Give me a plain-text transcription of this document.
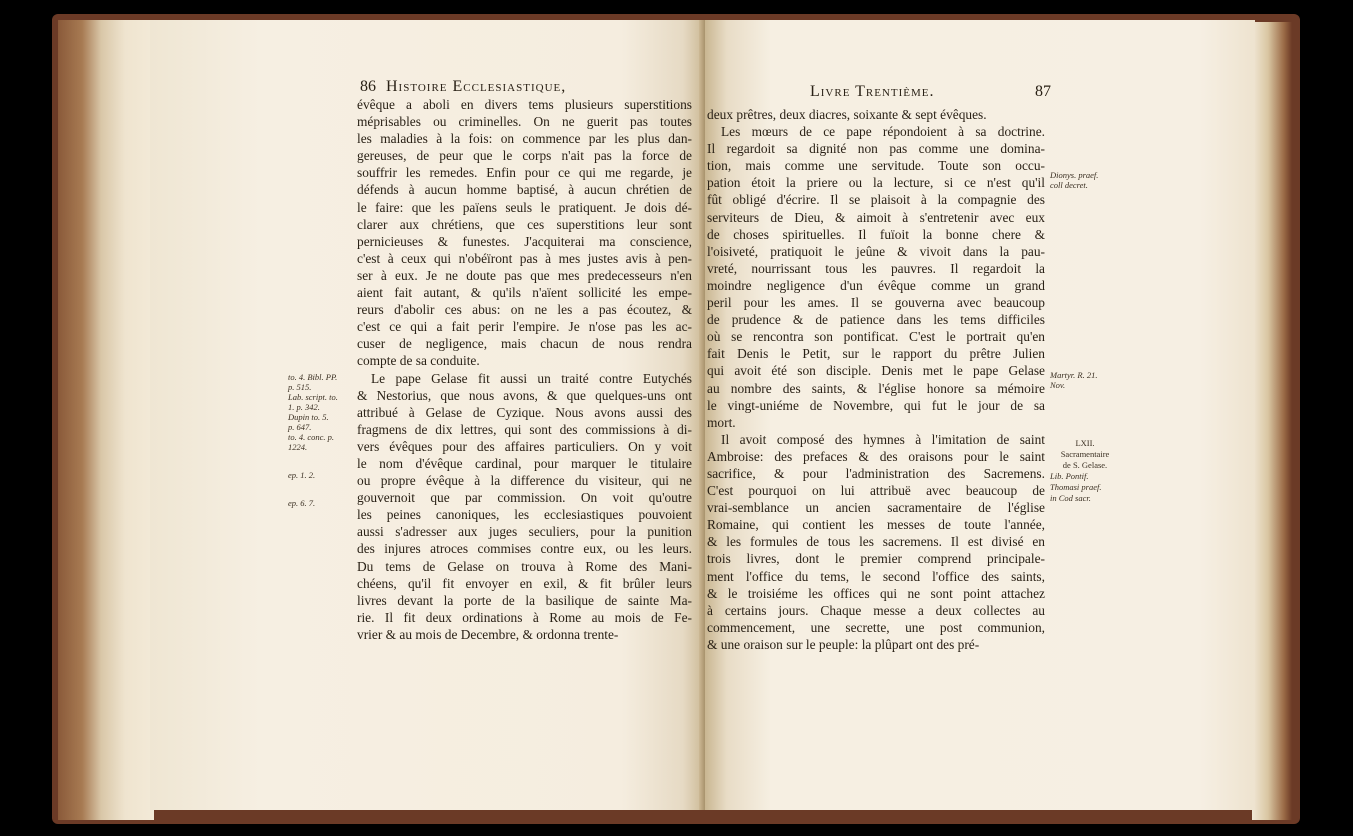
86 Histoire Ecclesiastique,
évêque a aboli en divers tems plusieurs superstitions
méprisables ou criminelles. On ne guerit pas toutes
les maladies à la fois: on commence par les plus dan-
gereuses, de peur que le corps n'ait pas la force de
souffrir les remedes. Enfin pour ce qui me regarde, je
défends à aucun homme baptisé, à aucun chrétien de
le faire: que les païens seuls le pratiquent. Je dois dé-
clarer aux chrétiens, que ces superstitions leur sont
pernicieuses & funestes. J'acquiterai ma conscience,
c'est à ceux qui n'obéïront pas à mes justes avis à pen-
ser à eux. Je ne doute pas que mes predecesseurs n'en
aient fait autant, & qu'ils n'aïent sollicité les empe-
reurs d'abolir ces abus: on ne les a pas écoutez, &
c'est ce qui a fait perir l'empire. Je n'ose pas les ac-
cuser de negligence, mais chacun de nous rendra
compte de sa conduite.
Le pape Gelase fit aussi un traité contre Eutychés
& Nestorius, que nous avons, & que quelques-uns ont
attribué à Gelase de Cyzique. Nous avons aussi des
fragmens de dix lettres, qui sont des commissions à di-
vers évêques pour des affaires particuliers. On y voit
le nom d'évêque cardinal, pour marquer le titulaire
ou propre évêque à la difference du visiteur, qui ne
gouvernoit que par commission. On voit qu'outre
les peines canoniques, les ecclesiastiques pouvoient
aussi s'adresser aux juges seculiers, pour la punition
des injures atroces commises contre eux, ou les leurs.
Du tems de Gelase on trouva à Rome des Mani-
chéens, qu'il fit envoyer en exil, & fit brûler leurs
livres devant la porte de la basilique de sainte Ma-
rie. Il fit deux ordinations à Rome au mois de Fe-
vrier & au mois de Decembre, & ordonna trente-
to. 4. Bibl. PP.
p. 515.
Lab. script. to.
1. p. 342.
Dupin to. 5.
p. 647.
to. 4. conc. p.
1224.
ep. 1. 2.
ep. 6. 7.
Livre Trentième.	87
deux prêtres, deux diacres, soixante & sept évêques.
Les mœurs de ce pape répondoient à sa doctrine.
Il regardoit sa dignité non pas comme une domina-
tion, mais comme une servitude. Toute son occu-
pation étoit la priere ou la lecture, si ce n'est qu'il
fût obligé d'écrire. Il se plaisoit à la compagnie des
serviteurs de Dieu, & aimoit à s'entretenir avec eux
de choses spirituelles. Il fuïoit la bonne chere &
l'oisiveté, pratiquoit le jeûne & vivoit dans la pau-
vreté, nourrissant tous les pauvres. Il regardoit la
moindre negligence d'un évêque comme un grand
peril pour les ames. Il se gouverna avec beaucoup
de prudence & de patience dans les tems difficiles
où se rencontra son pontificat. C'est le portrait qu'en
fait Denis le Petit, sur le rapport du prêtre Julien
qui avoit été son disciple. Denis met le pape Gelase
au nombre des saints, & l'église honore sa mémoire
le vingt-uniéme de Novembre, qui fut le jour de sa
mort.
Il avoit composé des hymnes à l'imitation de saint
Ambroise: des prefaces & des oraisons pour le saint
sacrifice, & pour l'administration des Sacremens.
C'est pourquoi on lui attribuë avec beaucoup de
vrai-semblance un ancien sacramentaire de l'église
Romaine, qui contient les messes de toute l'année,
& les formules de tous les sacremens. Il est divisé en
trois livres, dont le premier comprend principale-
ment l'office du tems, le second l'office des saints,
& le troisiéme les offices qui ne sont point attachez
à certains jours. Chaque messe a deux collectes au
commencement, une secrette, une post communion,
& une oraison sur le peuple: la plûpart ont des pré-
Dionys. praef.
coll decret.
Martyr. R. 21.
Nov.
LXII.
Sacramentaire
de S. Gelase.
Lib. Pontif.
Thomasi praef.
in Cod sacr.
